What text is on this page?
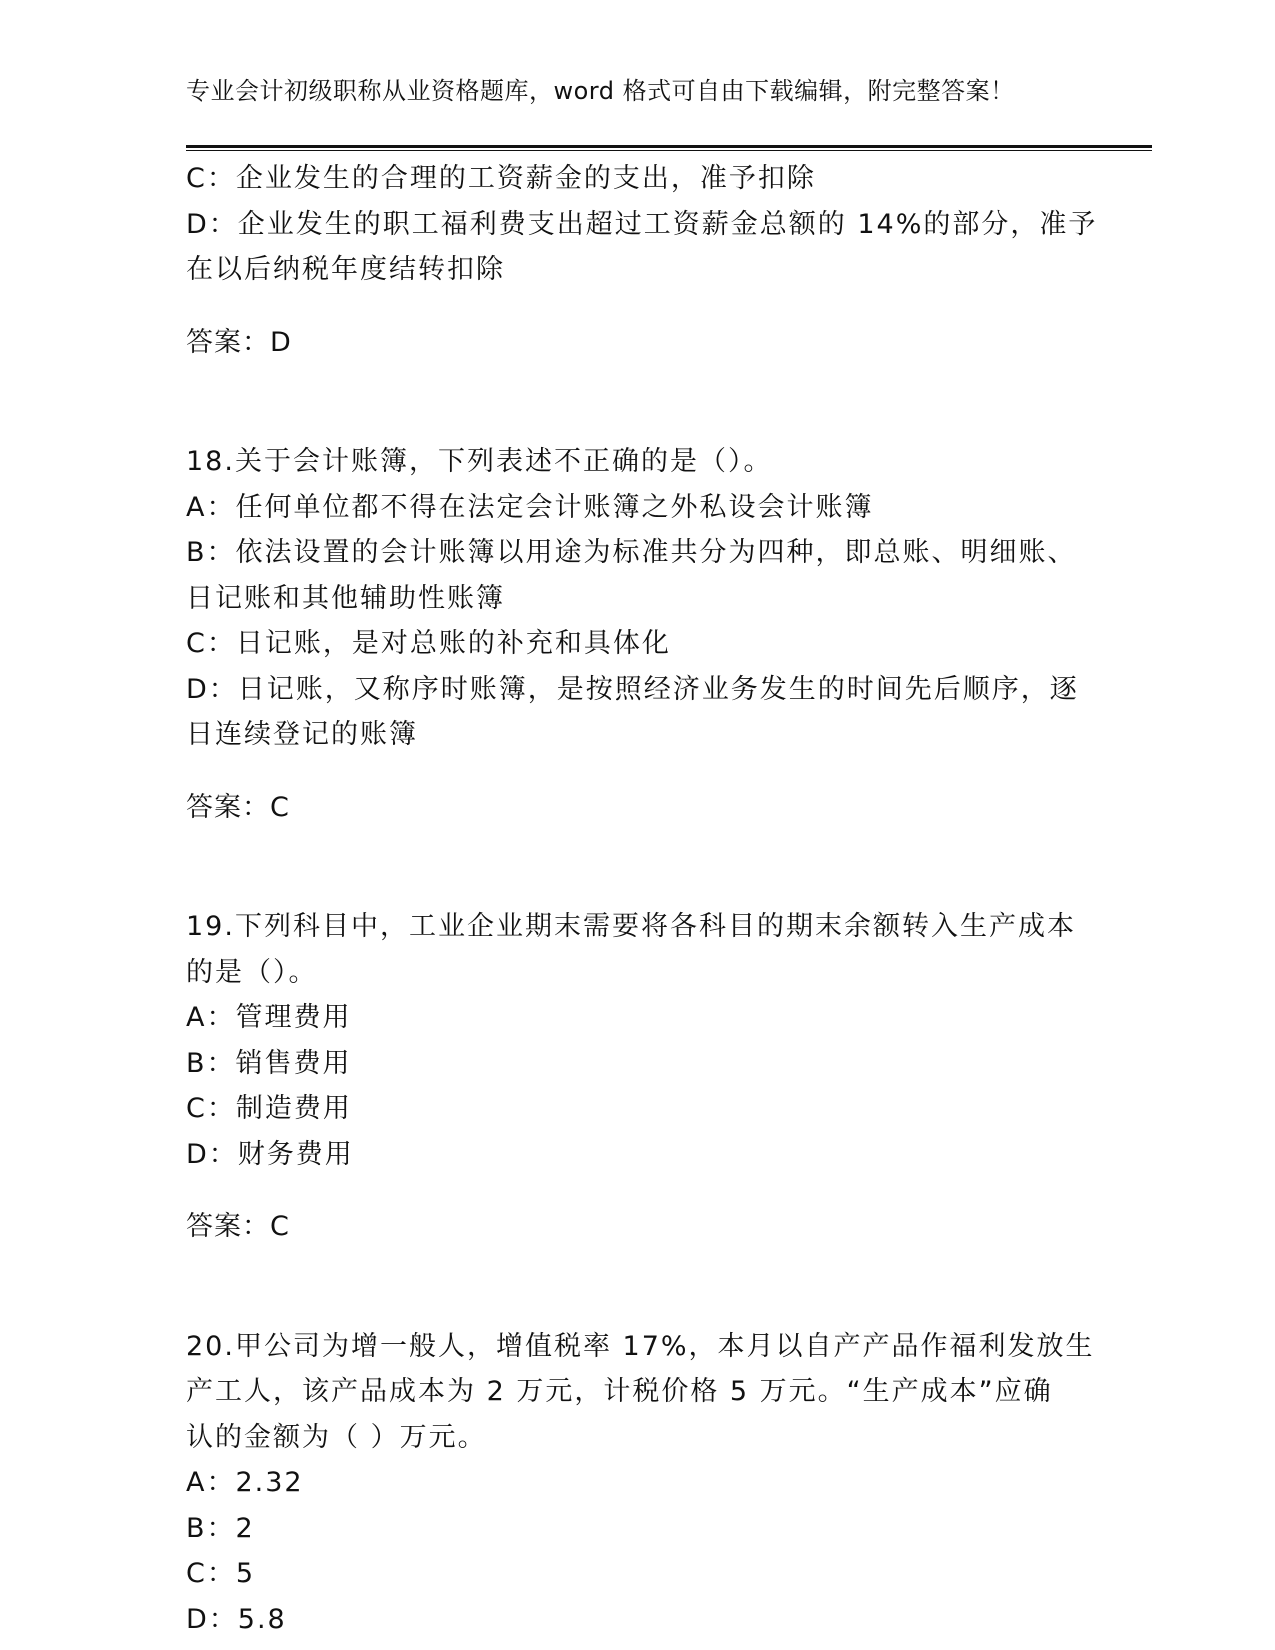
专业会计初级职称从业资格题库，word 格式可自由下载编辑，附完整答案！

C：企业发生的合理的工资薪金的支出，准予扣除

D：企业发生的职工福利费支出超过工资薪金总额的 14%的部分，准予

在以后纳税年度结转扣除

答案：D

18.关于会计账簿，下列表述不正确的是（）。

A：任何单位都不得在法定会计账簿之外私设会计账簿

B：依法设置的会计账簿以用途为标准共分为四种，即总账、明细账、

日记账和其他辅助性账簿

C：日记账，是对总账的补充和具体化

D：日记账，又称序时账簿，是按照经济业务发生的时间先后顺序，逐

日连续登记的账簿

答案：C

19.下列科目中，工业企业期末需要将各科目的期末余额转入生产成本

的是（）。

A：管理费用

B：销售费用

C：制造费用

D：财务费用

答案：C

20.甲公司为增一般人，增值税率 17%，本月以自产产品作福利发放生

产工人，该产品成本为 2 万元，计税价格 5 万元。“生产成本”应确

认的金额为（ ）万元。

A：2.32

B：2

C：5

D：5.8
